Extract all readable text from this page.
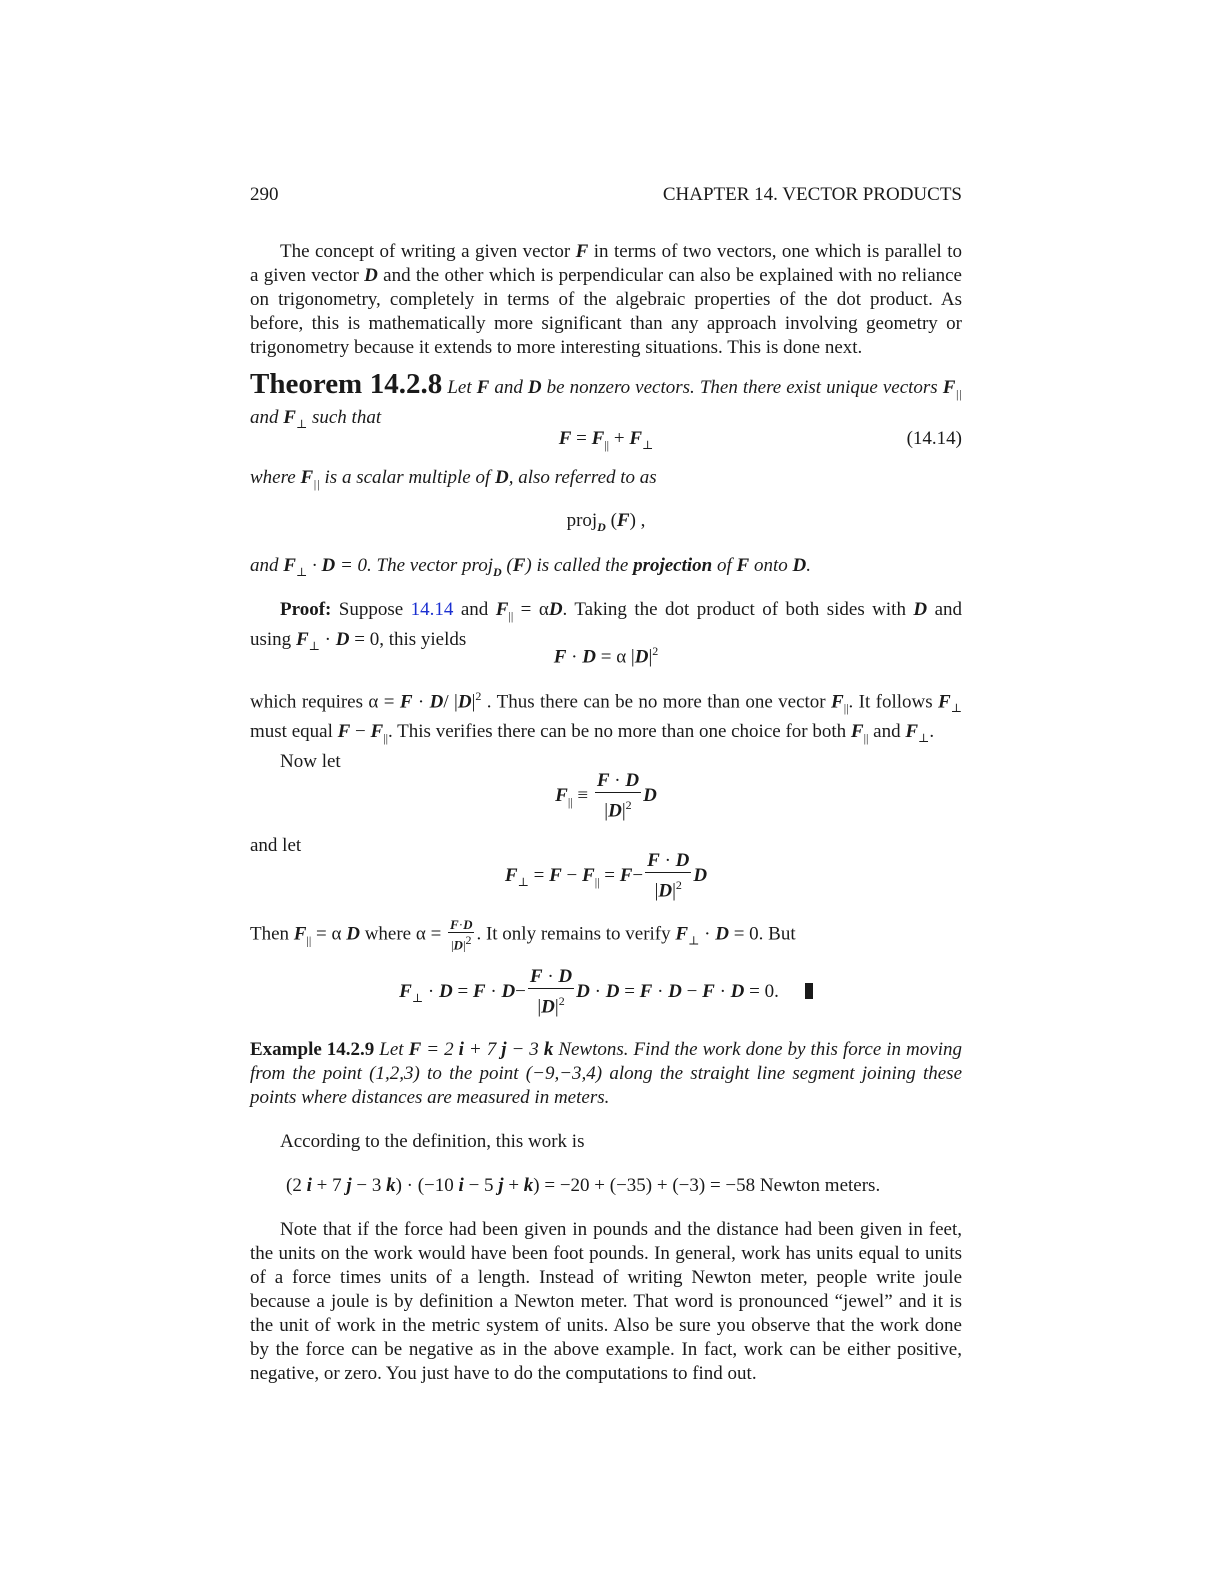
290	CHAPTER 14. VECTOR PRODUCTS

The concept of writing a given vector F in terms of two vectors, one which is parallel to a given vector D and the other which is perpendicular can also be explained with no reliance on trigonometry, completely in terms of the algebraic properties of the dot product. As before, this is mathematically more significant than any approach involving geometry or trigonometry because it extends to more interesting situations. This is done next.

Theorem 14.2.8 Let F and D be nonzero vectors. Then there exist unique vectors $F_{||}$ and $F_\perp$ such that

$F = F_{||} + F_\perp$	(14.14)

where $F_{||}$ is a scalar multiple of D, also referred to as

proj$_D$ (F) ,

and $F_\perp \cdot D = 0$. The vector proj$_D$ (F) is called the projection of F onto D.

Proof: Suppose 14.14 and $F_{||} = \alpha D$. Taking the dot product of both sides with D and using $F_\perp \cdot D = 0$, this yields

F · D = α $|D|^2$

which requires α = F · D/ $|D|^2$ . Thus there can be no more than one vector $F_{||}$. It follows $F_\perp$ must equal $F - F_{||}$. This verifies there can be no more than one choice for both $F_{||}$ and $F_\perp$.

Now let

$F_{||} \equiv \frac{F \cdot D}{|D|^2}$ D

and let

$F_\perp = F - F_{||} = F- \frac{F \cdot D}{|D|^2}$ D

Then $F_{||} = \alpha$ D where $\alpha = \frac{F\cdot D}{|D|^2}$ . It only remains to verify $F_\perp \cdot D = 0$. But

$F_\perp \cdot D = F \cdot D- \frac{F \cdot D}{|D|^2}$ D · D = F · D − F · D = 0.

Example 14.2.9 Let F = 2 i + 7 j − 3 k Newtons. Find the work done by this force in moving from the point (1,2,3) to the point (−9,−3,4) along the straight line segment joining these points where distances are measured in meters.

According to the definition, this work is

(2 i + 7 j − 3 k) · (−10 i − 5 j + k) = −20 + (−35) + (−3) = −58 Newton meters.

Note that if the force had been given in pounds and the distance had been given in feet, the units on the work would have been foot pounds. In general, work has units equal to units of a force times units of a length. Instead of writing Newton meter, people write joule because a joule is by definition a Newton meter. That word is pronounced “jewel” and it is the unit of work in the metric system of units. Also be sure you observe that the work done by the force can be negative as in the above example. In fact, work can be either positive, negative, or zero. You just have to do the computations to find out.
